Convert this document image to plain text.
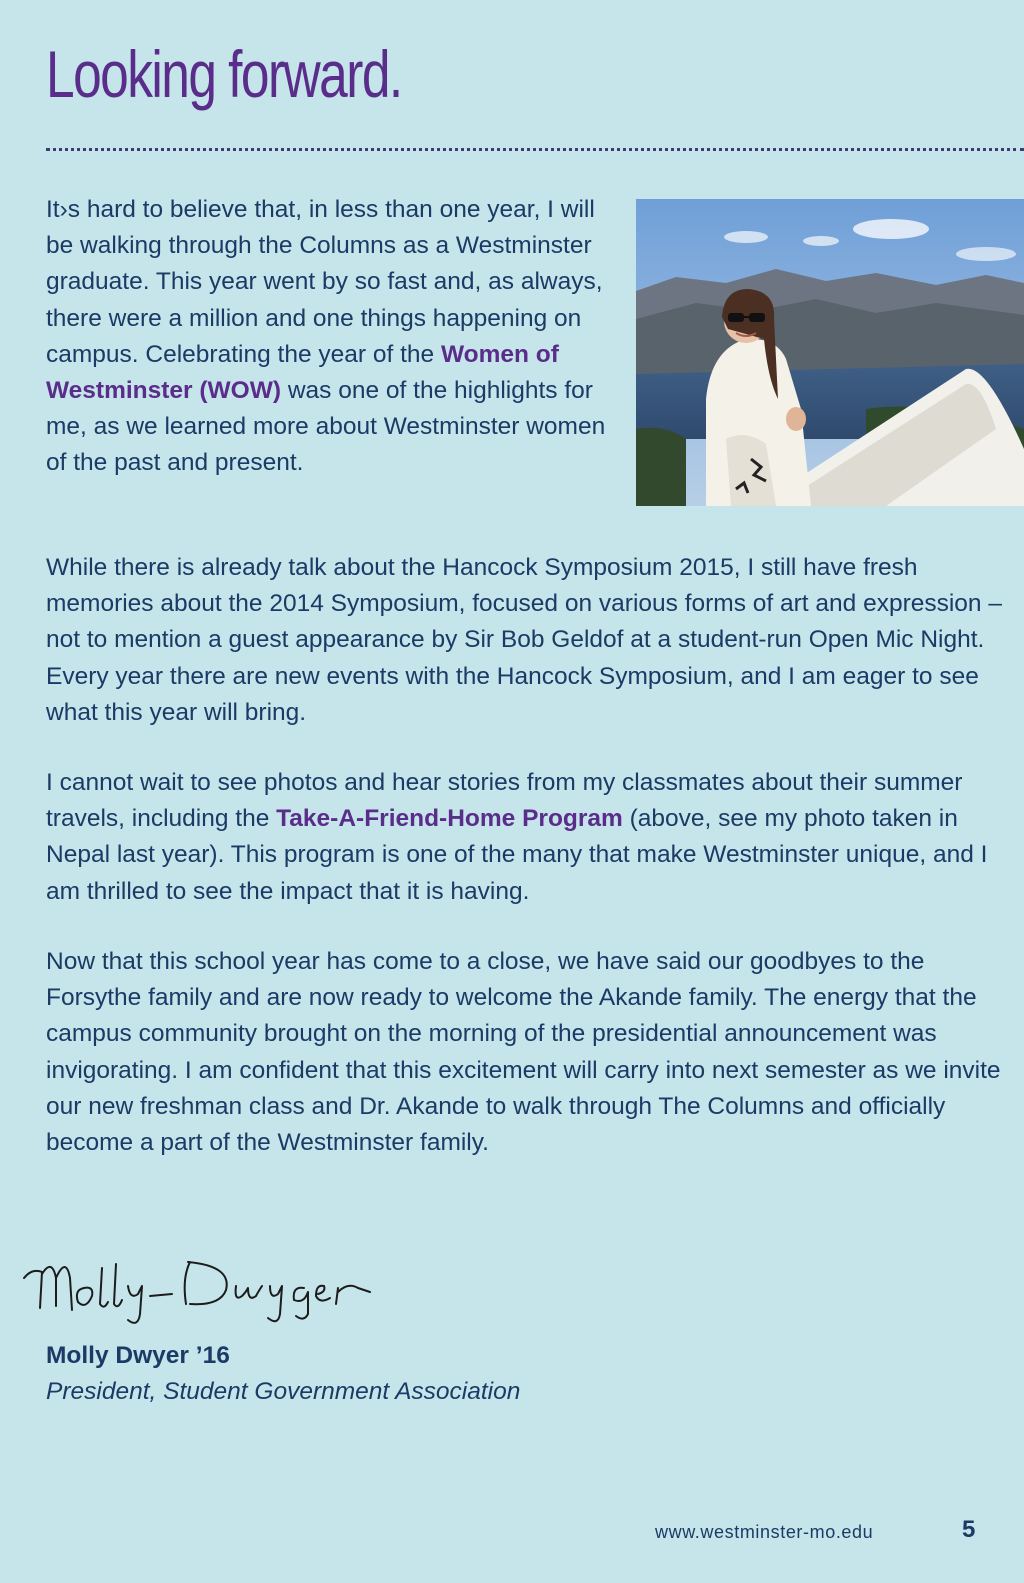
Looking forward.

It›s hard to believe that, in less than one year, I will be walking through the Columns as a Westminster graduate. This year went by so fast and, as always, there were a million and one things happening on campus. Celebrating the year of the Women of Westminster (WOW) was one of the highlights for me, as we learned more about Westminster women of the past and present.

While there is already talk about the Hancock Symposium 2015, I still have fresh memories about the 2014 Symposium, focused on various forms of art and expression – not to mention a guest appearance by Sir Bob Geldof at a student-run Open Mic Night. Every year there are new events with the Hancock Symposium, and I am eager to see what this year will bring.

I cannot wait to see photos and hear stories from my classmates about their summer travels, including the Take-A-Friend-Home Program (above, see my photo taken in Nepal last year). This program is one of the many that make Westminster unique, and I am thrilled to see the impact that it is having.

Now that this school year has come to a close, we have said our goodbyes to the Forsythe family and are now ready to welcome the Akande family. The energy that the campus community brought on the morning of the presidential announcement was invigorating. I am confident that this excitement will carry into next semester as we invite our new freshman class and Dr. Akande to walk through The Columns and officially become a part of the Westminster family.

Molly Dwyer ’16

President, Student Government Association

www.westminster-mo.edu	5
